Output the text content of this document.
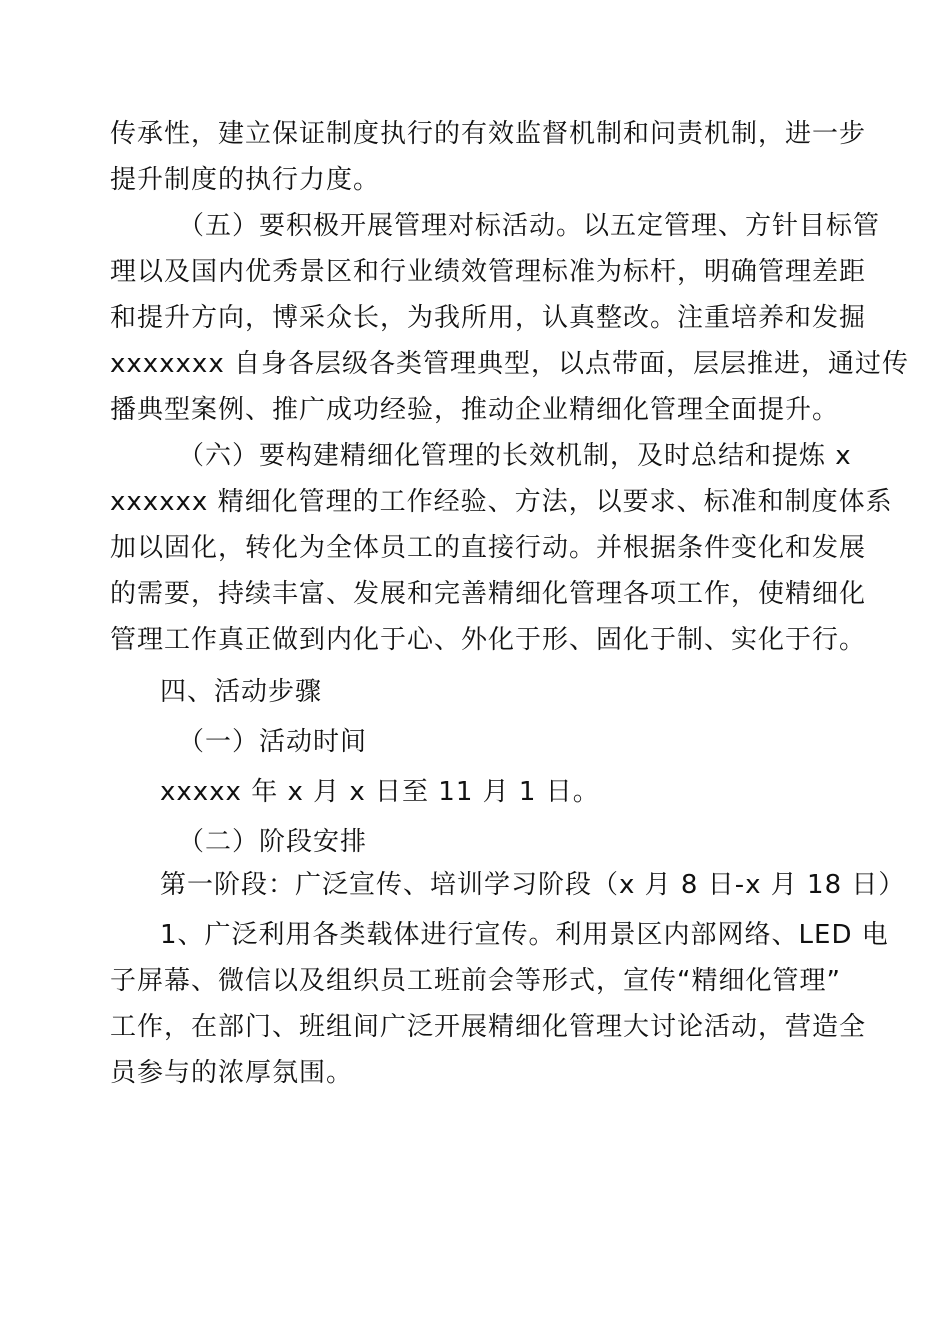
传承性，建立保证制度执行的有效监督机制和问责机制，进一步
提升制度的执行力度。
（五）要积极开展管理对标活动。以五定管理、方针目标管
理以及国内优秀景区和行业绩效管理标准为标杆，明确管理差距
和提升方向，博采众长，为我所用，认真整改。注重培养和发掘
xxxxxxx 自身各层级各类管理典型，以点带面，层层推进，通过传
播典型案例、推广成功经验，推动企业精细化管理全面提升。
（六）要构建精细化管理的长效机制，及时总结和提炼 x
xxxxxx 精细化管理的工作经验、方法，以要求、标准和制度体系
加以固化，转化为全体员工的直接行动。并根据条件变化和发展
的需要，持续丰富、发展和完善精细化管理各项工作，使精细化
管理工作真正做到内化于心、外化于形、固化于制、实化于行。
四、活动步骤
（一）活动时间
xxxxx 年 x 月 x 日至 11 月 1 日。
（二）阶段安排
第一阶段：广泛宣传、培训学习阶段（x 月 8 日-x 月 18 日）
1、广泛利用各类载体进行宣传。利用景区内部网络、LED 电
子屏幕、微信以及组织员工班前会等形式，宣传“精细化管理”
工作，在部门、班组间广泛开展精细化管理大讨论活动，营造全
员参与的浓厚氛围。
